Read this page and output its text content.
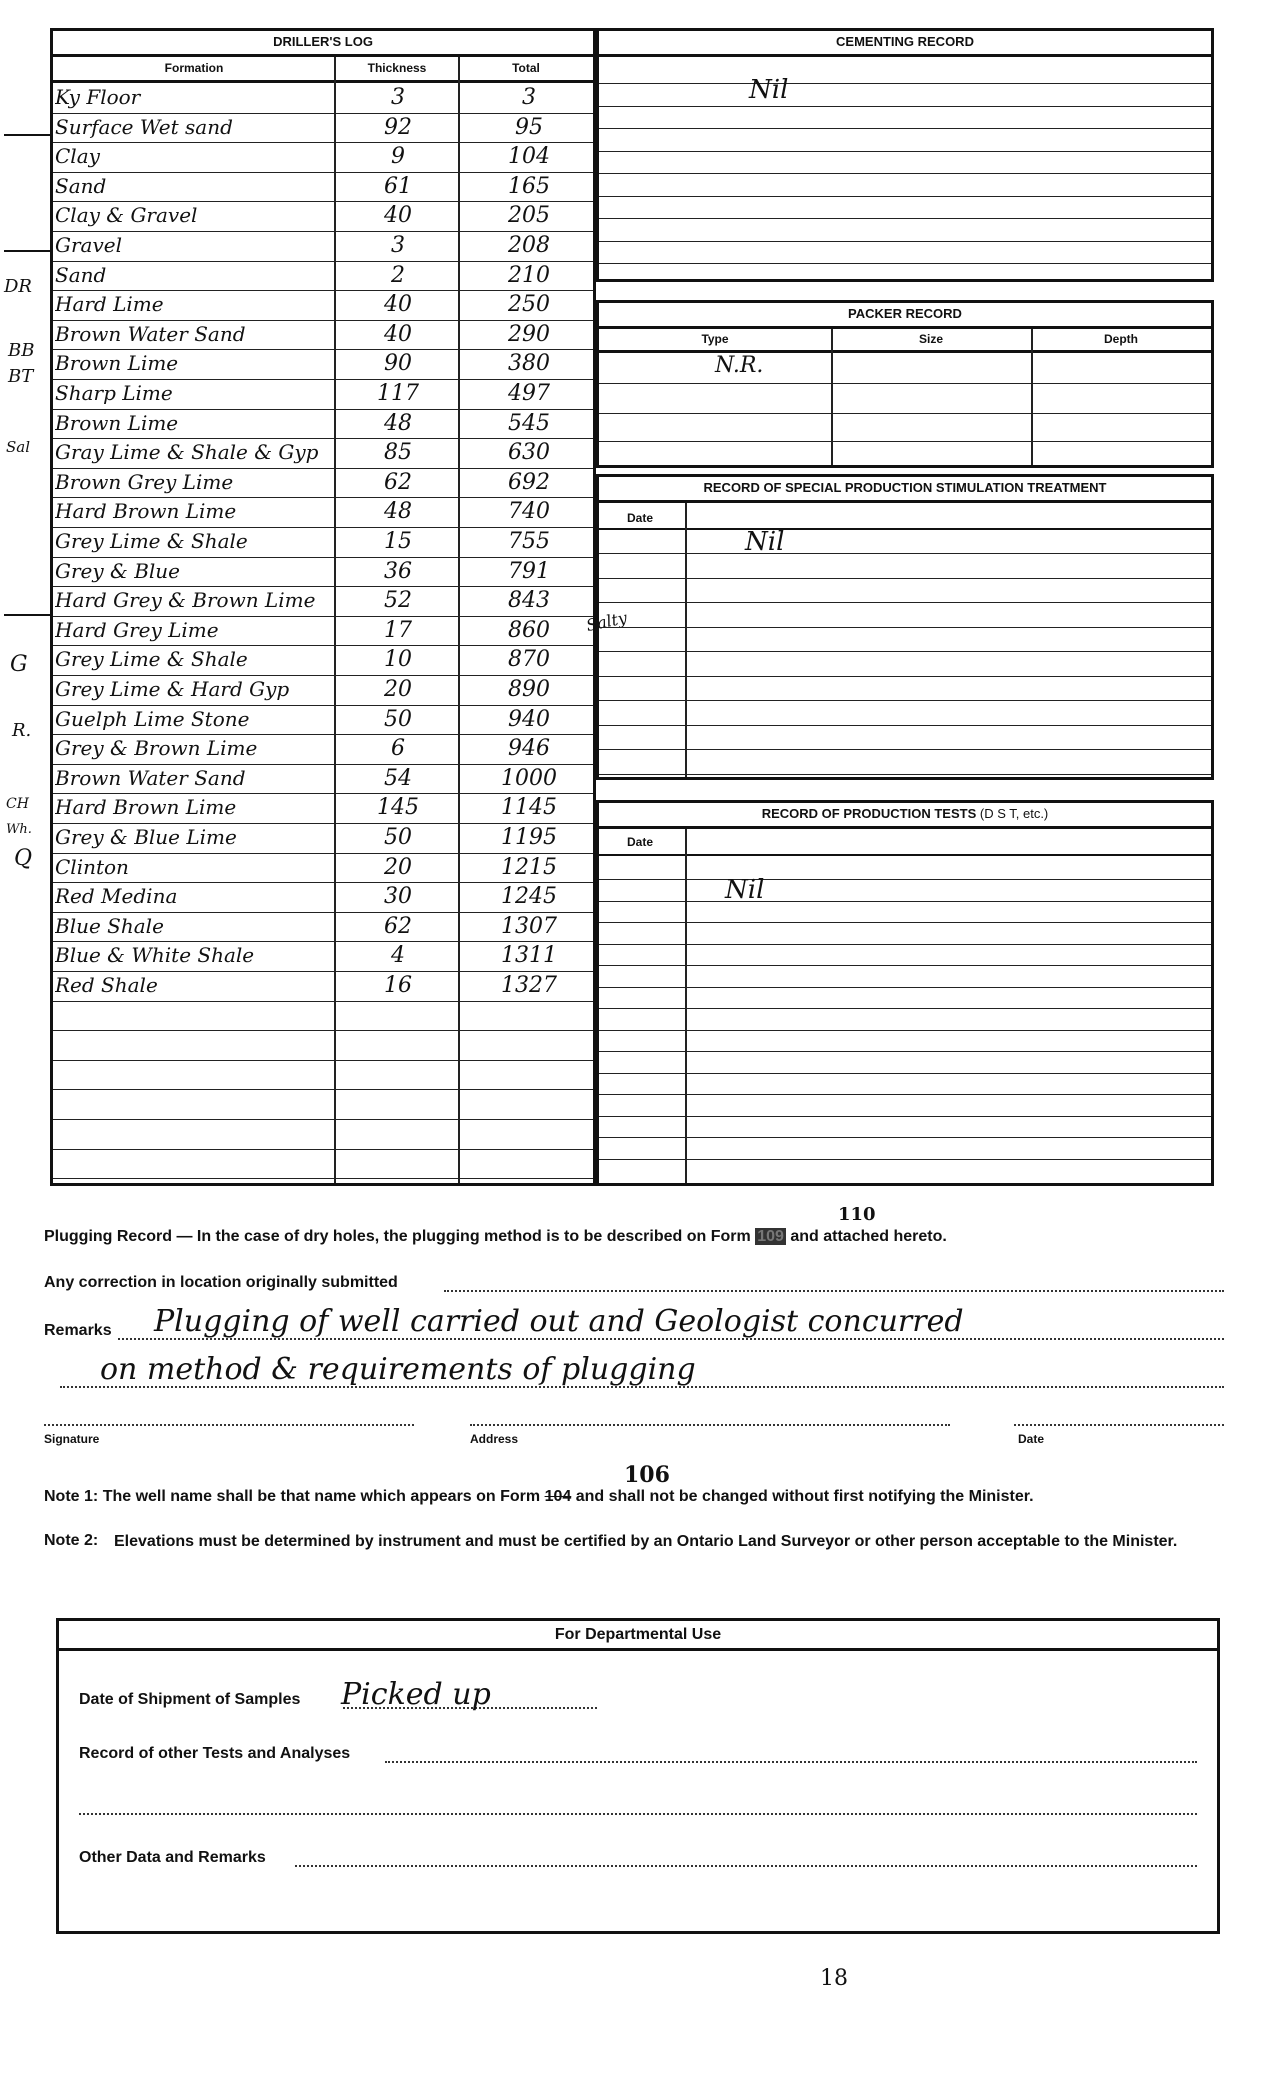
DRILLER'S LOG
Formation	Thickness	Total
Ky Floor	3	3
Surface Wet sand	92	95
Clay	9	104
Sand	61	165
Clay & Gravel	40	205
Gravel	3	208
Sand	2	210
Hard Lime	40	250
Brown Water Sand	40	290
Brown Lime	90	380
Sharp Lime	117	497
Brown Lime	48	545
Gray Lime & Shale & Gyp	85	630
Brown Grey Lime	62	692
Hard Brown Lime	48	740
Grey Lime & Shale	15	755
Grey & Blue	36	791
Hard Grey & Brown Lime	52	843
Hard Grey Lime	17	860
Grey Lime & Shale	10	870
Grey Lime & Hard Gyp	20	890
Guelph Lime Stone	50	940
Grey & Brown Lime	6	946
Brown Water Sand	54	1000
Hard Brown Lime	145	1145
Grey & Blue Lime	50	1195
Clinton	20	1215
Red Medina	30	1245
Blue Shale	62	1307
Blue & White Shale	4	1311
Red Shale	16	1327
DR
BB
BT
Sal
G
R.
CH
Wh.
Q
Salty
CEMENTING RECORD
Nil
PACKER RECORD
Type	Size	Depth
N.R.
RECORD OF SPECIAL PRODUCTION STIMULATION TREATMENT
Date
Nil
RECORD OF PRODUCTION TESTS (D S T, etc.)
Date
Nil
Plugging Record — In the case of dry holes, the plugging method is to be described on Form 109 and attached hereto.
110
Any correction in location originally submitted
Remarks Plugging of well carried out and Geologist concurred
on method & requirements of plugging
Signature	Address	Date
Note 1: The well name shall be that name which appears on Form 104 and shall not be changed without first notifying the Minister.
106
Note 2: Elevations must be determined by instrument and must be certified by an Ontario Land Surveyor or other person acceptable to the Minister.
For Departmental Use
Date of Shipment of Samples Picked up
Record of other Tests and Analyses
Other Data and Remarks
18
